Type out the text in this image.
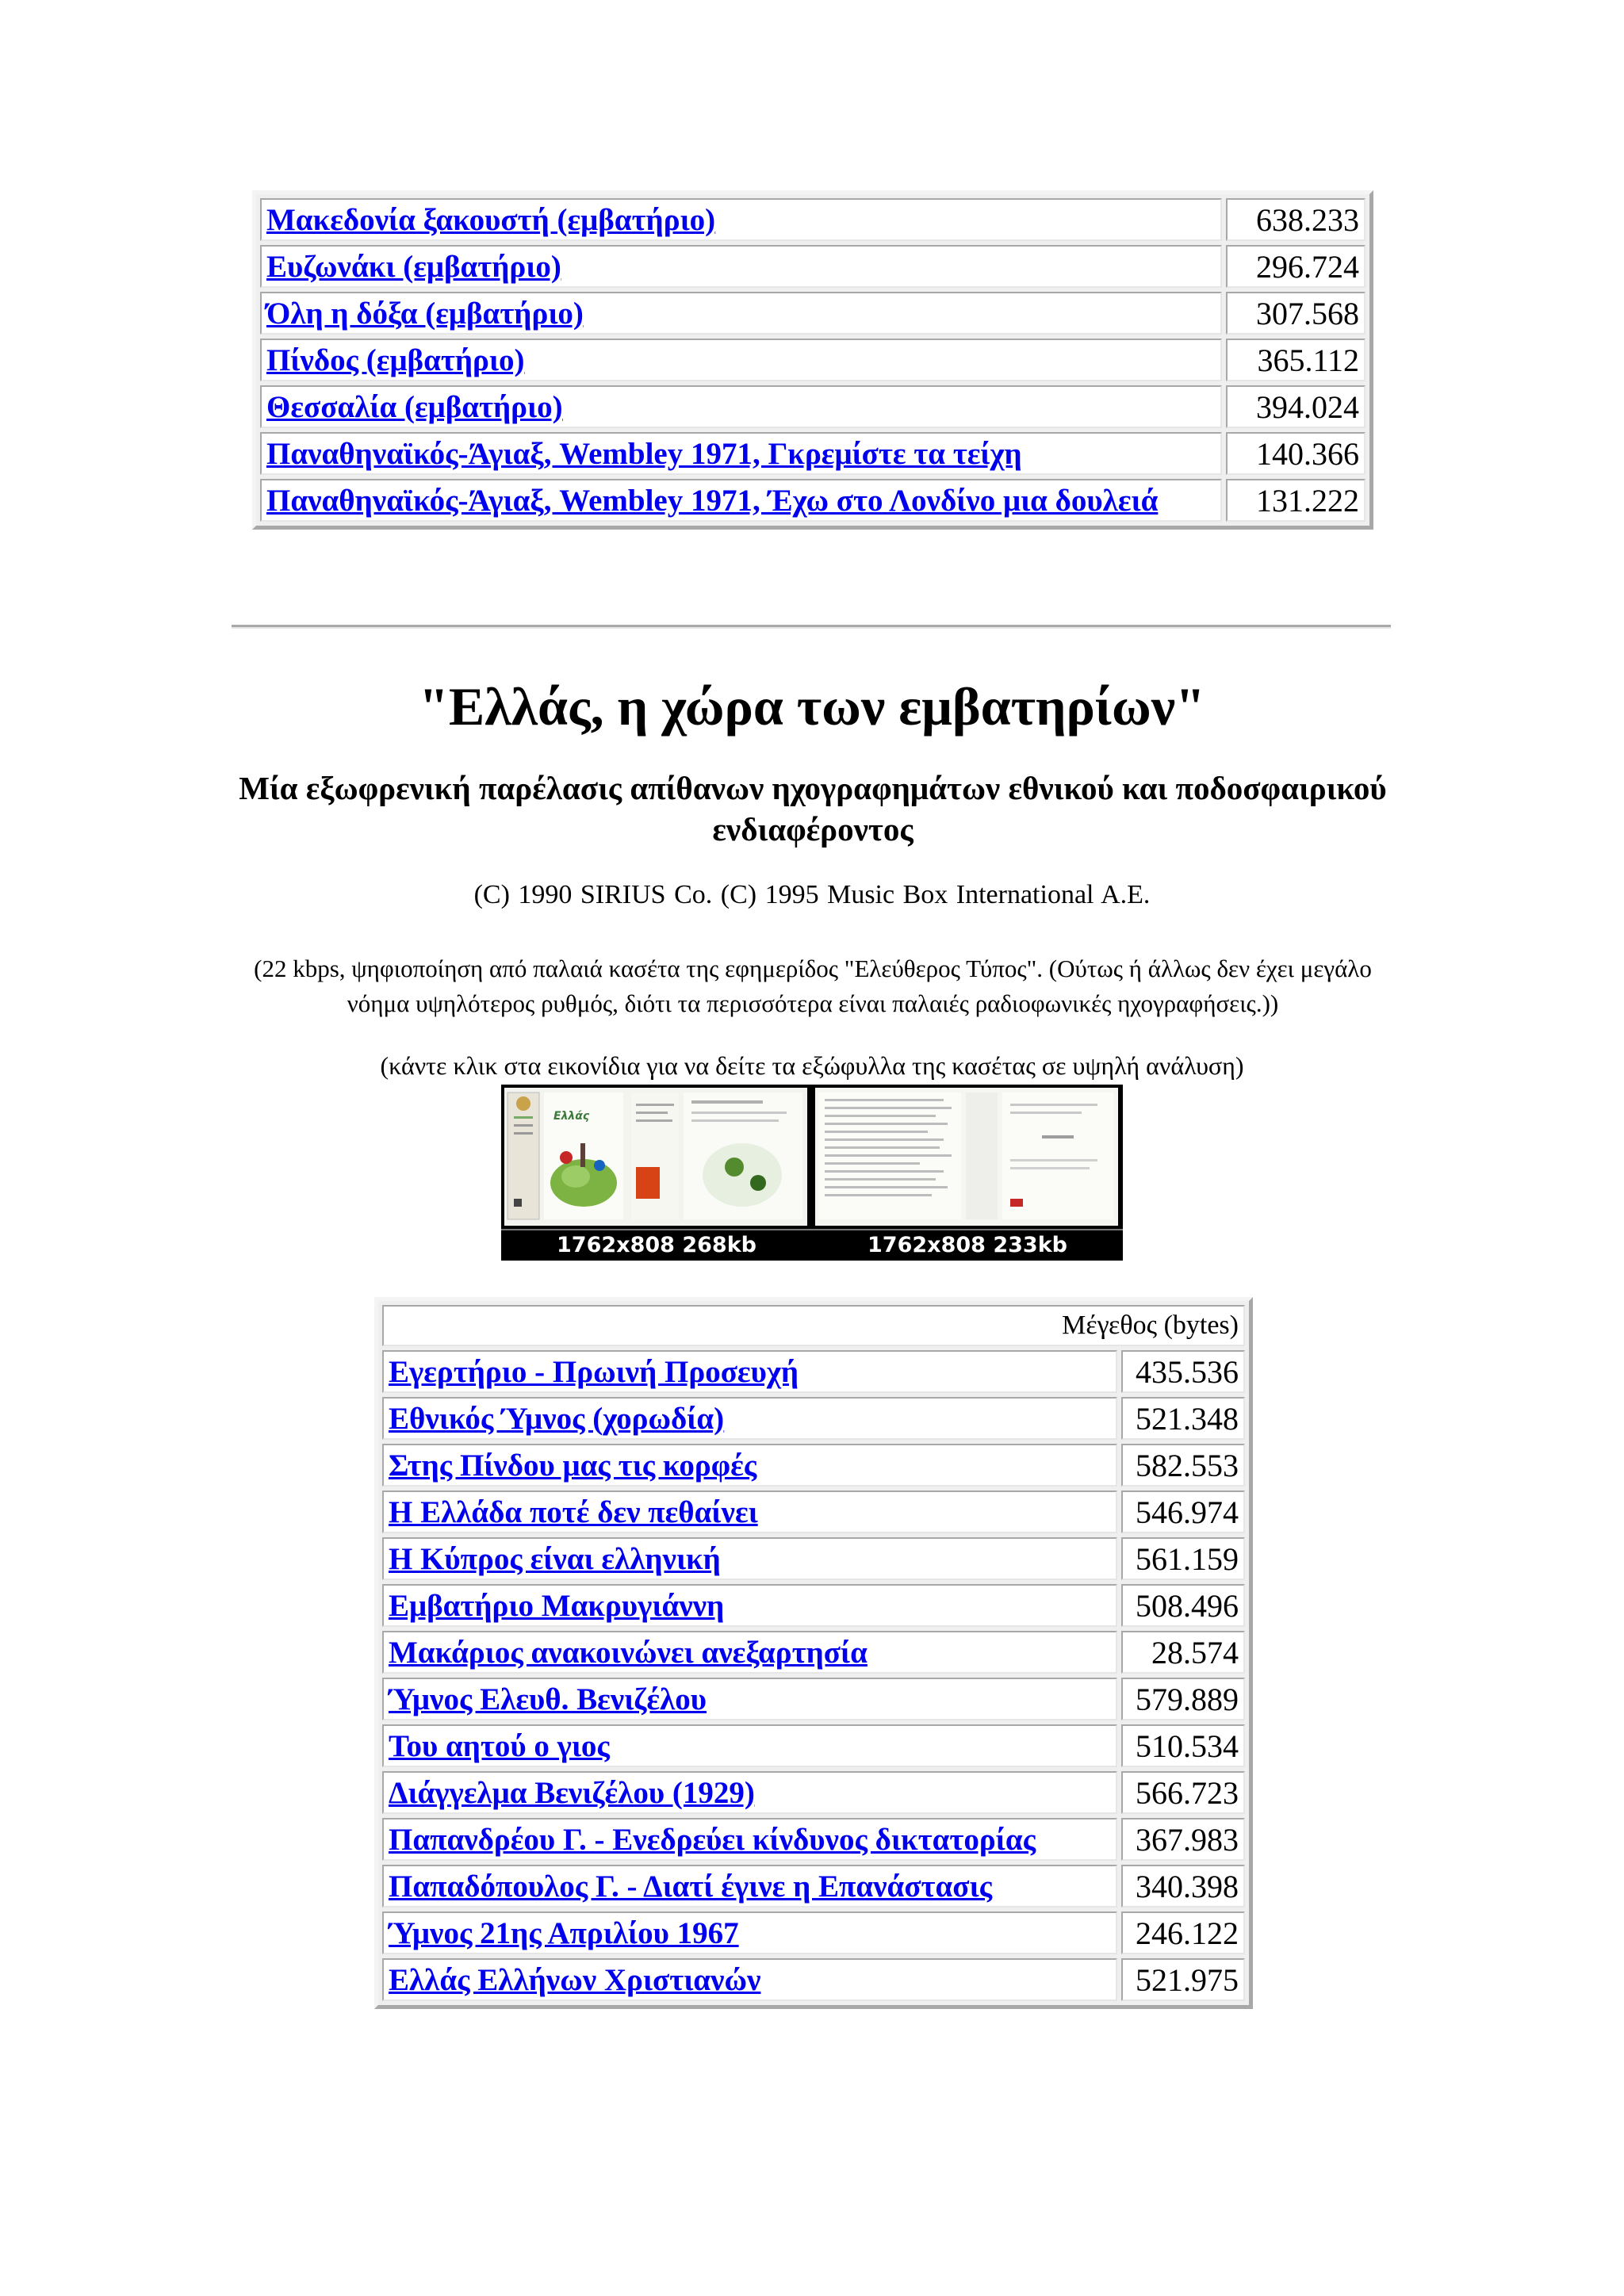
Μακεδονία ξακουστή (εμβατήριο)	638.233
Ευζωνάκι (εμβατήριο)	296.724
Όλη η δόξα (εμβατήριο)	307.568
Πίνδος (εμβατήριο)	365.112
Θεσσαλία (εμβατήριο)	394.024
Παναθηναϊκός-Άγιαξ, Wembley 1971, Γκρεμίστε τα τείχη	140.366
Παναθηναϊκός-Άγιαξ, Wembley 1971, Έχω στο Λονδίνο μια δουλειά	131.222
"Ελλάς, η χώρα των εμβατηρίων"
Μία εξωφρενική παρέλασις απίθανων ηχογραφημάτων εθνικού και ποδοσφαιρικού ενδιαφέροντος
(C) 1990 SIRIUS Co. (C) 1995 Music Box International A.E.
(22 kbps, ψηφιοποίηση από παλαιά κασέτα της εφημερίδος "Ελεύθερος Τύπος". (Ούτως ή άλλως δεν έχει μεγάλο νόημα υψηλότερος ρυθμός, διότι τα περισσότερα είναι παλαιές ραδιοφωνικές ηχογραφήσεις.))
(κάντε κλικ στα εικονίδια για να δείτε τα εξώφυλλα της κασέτας σε υψηλή ανάλυση)
Ελλάς
1762x808 268kb	1762x808 233kb
Μέγεθος (bytes)	
Εγερτήριο - Πρωινή Προσευχή	435.536
Εθνικός Ύμνος (χορωδία)	521.348
Στης Πίνδου μας τις κορφές	582.553
Η Ελλάδα ποτέ δεν πεθαίνει	546.974
Η Κύπρος είναι ελληνική	561.159
Εμβατήριο Μακρυγιάννη	508.496
Μακάριος ανακοινώνει ανεξαρτησία	28.574
Ύμνος Ελευθ. Βενιζέλου	579.889
Του αητού ο γιος	510.534
Διάγγελμα Βενιζέλου (1929)	566.723
Παπανδρέου Γ. - Ενεδρεύει κίνδυνος δικτατορίας	367.983
Παπαδόπουλος Γ. - Διατί έγινε η Επανάστασις	340.398
Ύμνος 21ης Απριλίου 1967	246.122
Ελλάς Ελλήνων Χριστιανών	521.975
